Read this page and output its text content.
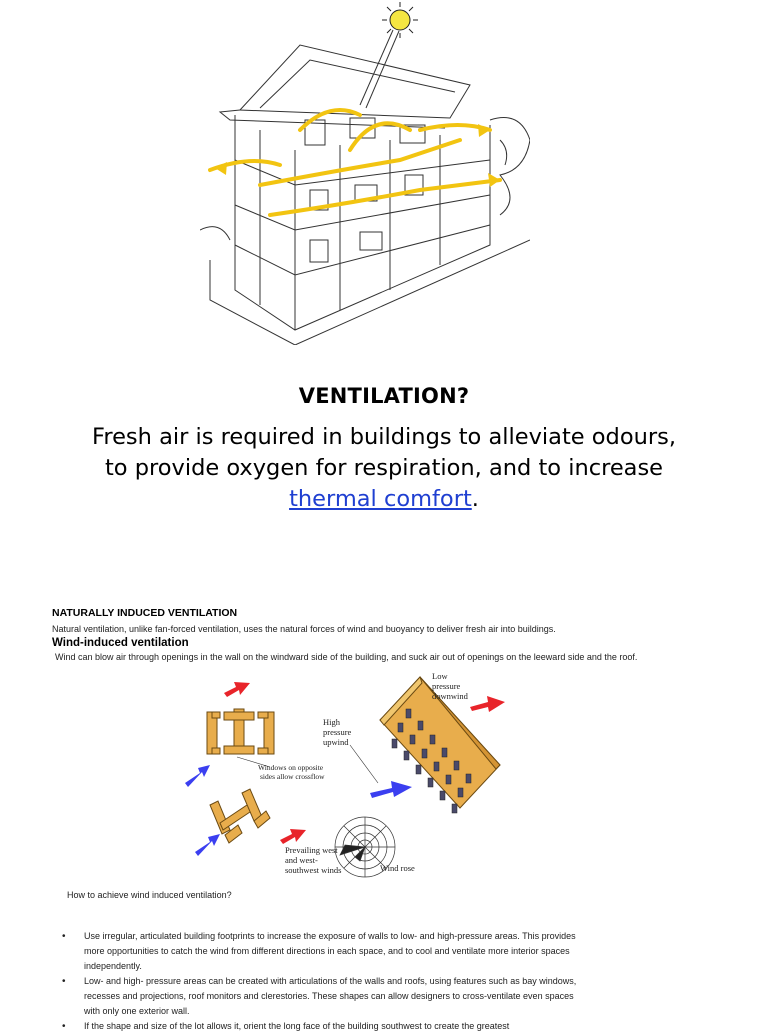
VENTILATION?
Fresh air is required in buildings to alleviate odours, to provide oxygen for respiration, and to increase thermal comfort.
NATURALLY INDUCED VENTILATION
Natural ventilation, unlike fan-forced ventilation, uses the natural forces of wind and buoyancy to deliver fresh air into buildings.
Wind-induced ventilation
Wind can blow air through openings in the wall on the windward side of the building, and suck air out of openings on the leeward side and the roof.
Low pressure downwind
High pressure upwind
Windows on opposite sides allow crossflow
Prevailing west and west- southwest winds	Wind rose
How to achieve wind induced ventilation?
• Use irregular, articulated building footprints to increase the exposure of walls to low- and high-pressure areas. This provides more opportunities to catch the wind from different directions in each space, and to cool and ventilate more interior spaces independently.
• Low- and high- pressure areas can be created with articulations of the walls and roofs, using features such as bay windows, recesses and projections, roof monitors and clerestories. These shapes can allow designers to cross-ventilate even spaces with only one exterior wall.
• If the shape and size of the lot allows it, orient the long face of the building southwest to create the greatest
